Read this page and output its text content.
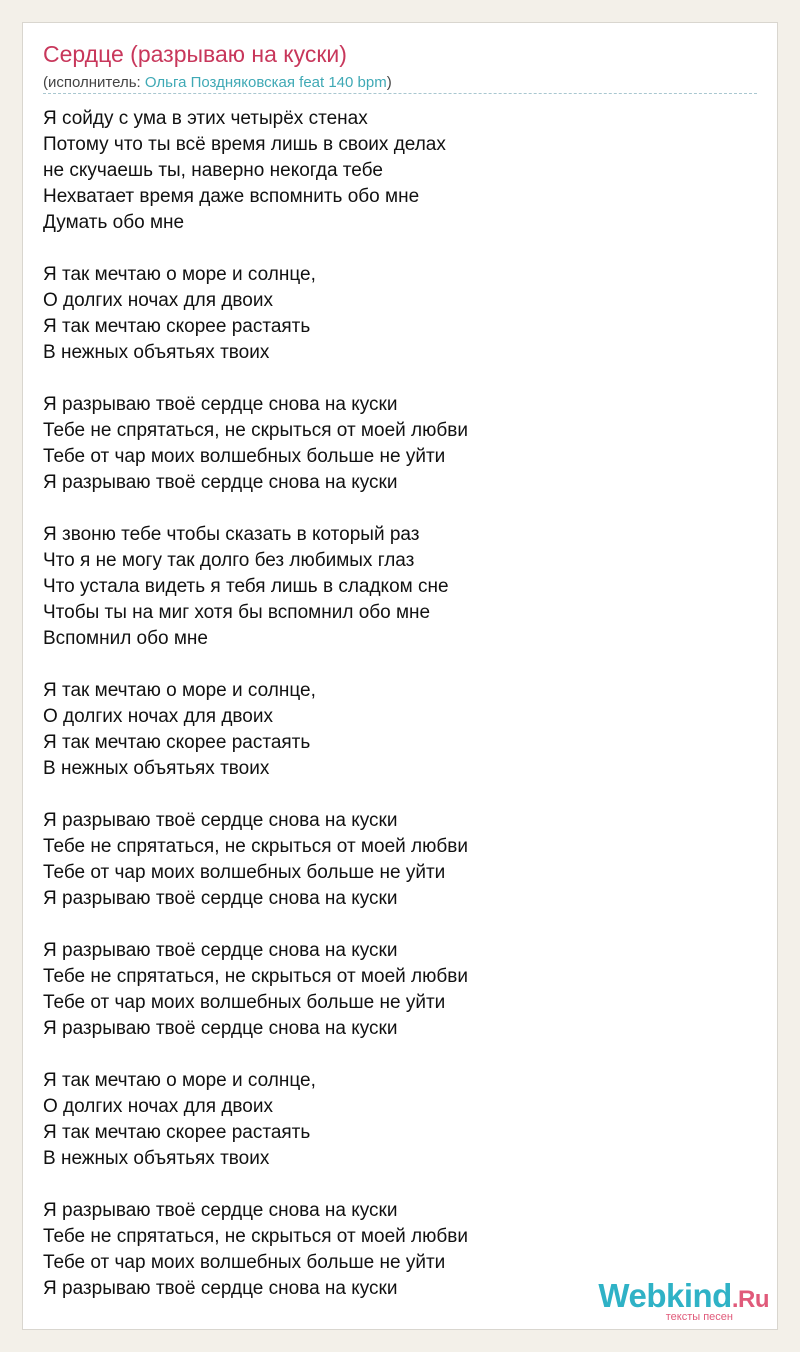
Сердце (разрываю на куски)
(исполнитель: Ольга Поздняковская feat 140 bpm)
Я сойду с ума в этих четырёх стенах
Потому что ты всё время лишь в своих делах
не скучаешь ты, наверно некогда тебе
Нехватает время даже вспомнить обо мне
Думать обо мне
Я так мечтаю о море и солнце,
О долгих ночах для двоих
Я так мечтаю скорее растаять
В нежных объятьях твоих
Я разрываю твоё сердце снова на куски
Тебе не спрятаться, не скрыться от моей любви
Тебе от чар моих волшебных больше не уйти
Я разрываю твоё сердце снова на куски
Я звоню тебе чтобы сказать в который раз
Что я не могу так долго без любимых глаз
Что устала видеть я тебя лишь в сладком сне
Чтобы ты на миг хотя бы вспомнил обо мне
Вспомнил обо мне
Я так мечтаю о море и солнце,
О долгих ночах для двоих
Я так мечтаю скорее растаять
В нежных объятьях твоих
Я разрываю твоё сердце снова на куски
Тебе не спрятаться, не скрыться от моей любви
Тебе от чар моих волшебных больше не уйти
Я разрываю твоё сердце снова на куски
Я разрываю твоё сердце снова на куски
Тебе не спрятаться, не скрыться от моей любви
Тебе от чар моих волшебных больше не уйти
Я разрываю твоё сердце снова на куски
Я так мечтаю о море и солнце,
О долгих ночах для двоих
Я так мечтаю скорее растаять
В нежных объятьях твоих
Я разрываю твоё сердце снова на куски
Тебе не спрятаться, не скрыться от моей любви
Тебе от чар моих волшебных больше не уйти
Я разрываю твоё сердце снова на куски	Webkind.Ru
тексты песен
